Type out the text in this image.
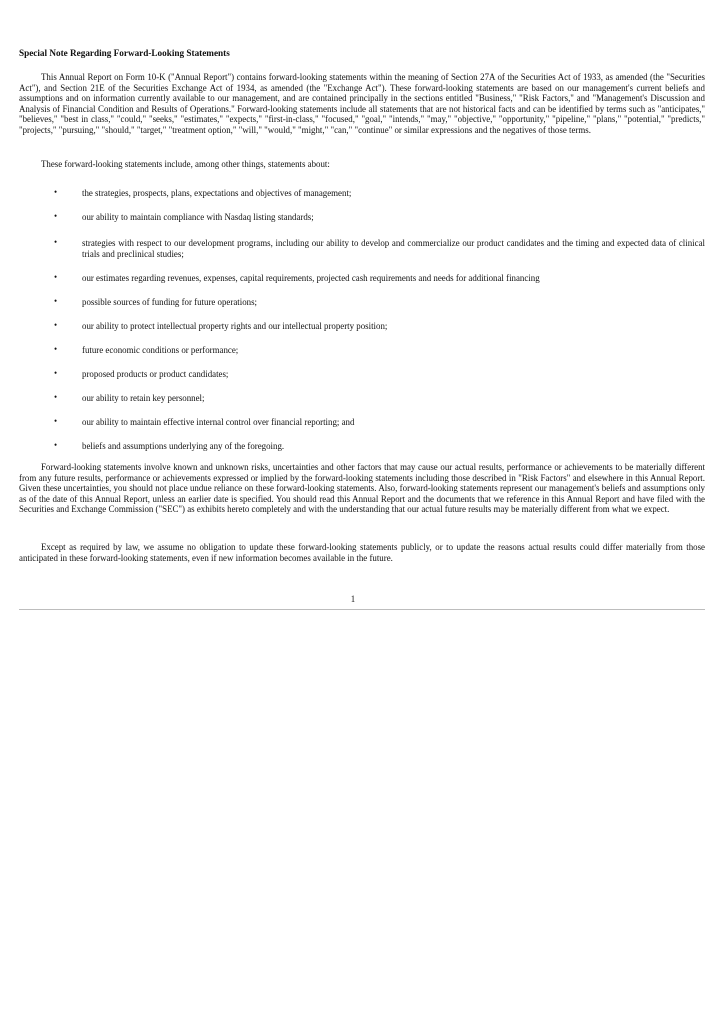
Special Note Regarding Forward-Looking Statements

This Annual Report on Form 10-K ("Annual Report") contains forward-looking statements within the meaning of Section 27A of the Securities Act of 1933, as amended (the "Securities Act"), and Section 21E of the Securities Exchange Act of 1934, as amended (the "Exchange Act"). These forward-looking statements are based on our management's current beliefs and assumptions and on information currently available to our management, and are contained principally in the sections entitled "Business," "Risk Factors," and "Management's Discussion and Analysis of Financial Condition and Results of Operations." Forward-looking statements include all statements that are not historical facts and can be identified by terms such as "anticipates," "believes," "best in class," "could," "seeks," "estimates," "expects," "first-in-class," "focused," "goal," "intends," "may," "objective," "opportunity," "pipeline," "plans," "potential," "predicts," "projects," "pursuing," "should," "target," "treatment option," "will," "would," "might," "can," "continue" or similar expressions and the negatives of those terms.

These forward-looking statements include, among other things, statements about:
•	the strategies, prospects, plans, expectations and objectives of management;
•	our ability to maintain compliance with Nasdaq listing standards;
•	strategies with respect to our development programs, including our ability to develop and commercialize our product candidates and the timing and expected data of clinical trials and preclinical studies;
•	our estimates regarding revenues, expenses, capital requirements, projected cash requirements and needs for additional financing
•	possible sources of funding for future operations;
•	our ability to protect intellectual property rights and our intellectual property position;
•	future economic conditions or performance;
•	proposed products or product candidates;
•	our ability to retain key personnel;
•	our ability to maintain effective internal control over financial reporting; and
•	beliefs and assumptions underlying any of the foregoing.

Forward-looking statements involve known and unknown risks, uncertainties and other factors that may cause our actual results, performance or achievements to be materially different from any future results, performance or achievements expressed or implied by the forward-looking statements including those described in "Risk Factors" and elsewhere in this Annual Report. Given these uncertainties, you should not place undue reliance on these forward-looking statements. Also, forward-looking statements represent our management's beliefs and assumptions only as of the date of this Annual Report, unless an earlier date is specified. You should read this Annual Report and the documents that we reference in this Annual Report and have filed with the Securities and Exchange Commission ("SEC") as exhibits hereto completely and with the understanding that our actual future results may be materially different from what we expect.

Except as required by law, we assume no obligation to update these forward-looking statements publicly, or to update the reasons actual results could differ materially from those anticipated in these forward-looking statements, even if new information becomes available in the future.

1
